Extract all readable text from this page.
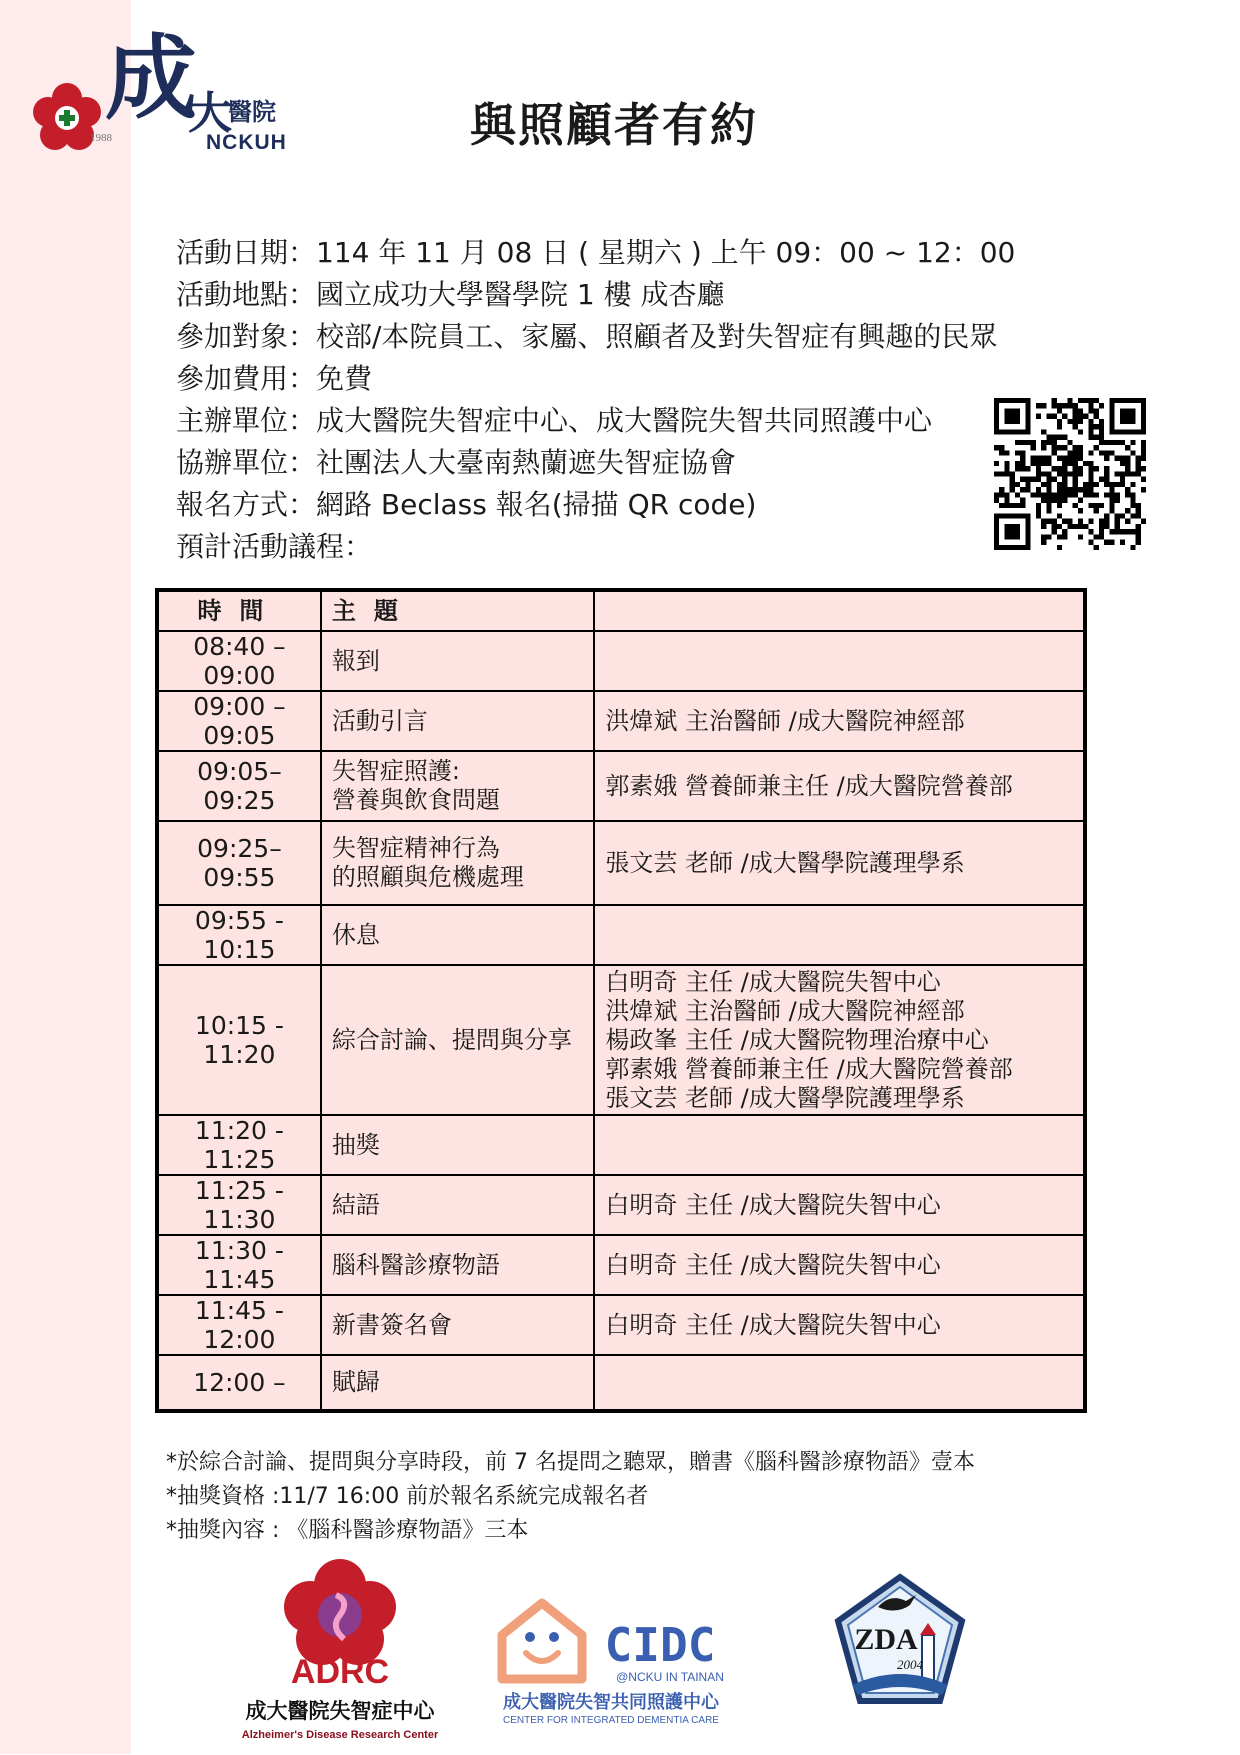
1988
成
大
醫院
NCKUH	與照顧者有約
活動日期：114 年 11 月 08 日 ( 星期六 ) 上午 09：00 ~ 12：00
活動地點：國立成功大學醫學院 1 樓 成杏廳
參加對象：校部/本院員工、家屬、照顧者及對失智症有興趣的民眾
參加費用：免費
主辦單位：成大醫院失智症中心、成大醫院失智共同照護中心
協辦單位：社團法人大臺南熱蘭遮失智症協會
報名方式：網路 Beclass 報名(掃描 QR code)
預計活動議程：
時間	主題	
08:40 – 09:00	報到	

09:00 – 09:05	活動引言	洪煒斌 主治醫師 /成大醫院神經部

09:05– 09:25	失智症照護:
營養與飲食問題	郭素娥 營養師兼主任 /成大醫院營養部

09:25– 09:55	失智症精神行為
的照顧與危機處理	張文芸 老師 /成大醫學院護理學系

09:55 - 10:15	休息	

10:15 - 11:20	綜合討論、提問與分享	白明奇 主任 /成大醫院失智中心
洪煒斌 主治醫師 /成大醫院神經部
楊政峯 主任 /成大醫院物理治療中心
郭素娥 營養師兼主任 /成大醫院營養部
張文芸 老師 /成大醫學院護理學系

11:20 - 11:25	抽獎	

11:25 - 11:30	結語	白明奇 主任 /成大醫院失智中心

11:30 - 11:45	腦科醫診療物語	白明奇 主任 /成大醫院失智中心

11:45 - 12:00	新書簽名會	白明奇 主任 /成大醫院失智中心

12:00 –	賦歸	

*於綜合討論、提問與分享時段，前 7 名提問之聽眾，贈書《腦科醫診療物語》壹本
*抽獎資格 :11/7 16:00 前於報名系統完成報名者
*抽獎內容 : 《腦科醫診療物語》三本
ADRC
成大醫院失智症中心
Alzheimer's Disease Research Center
CIDC
@NCKU IN TAINAN
成大醫院失智共同照護中心
CENTER FOR INTEGRATED DEMENTIA CARE
ZDA
2004
